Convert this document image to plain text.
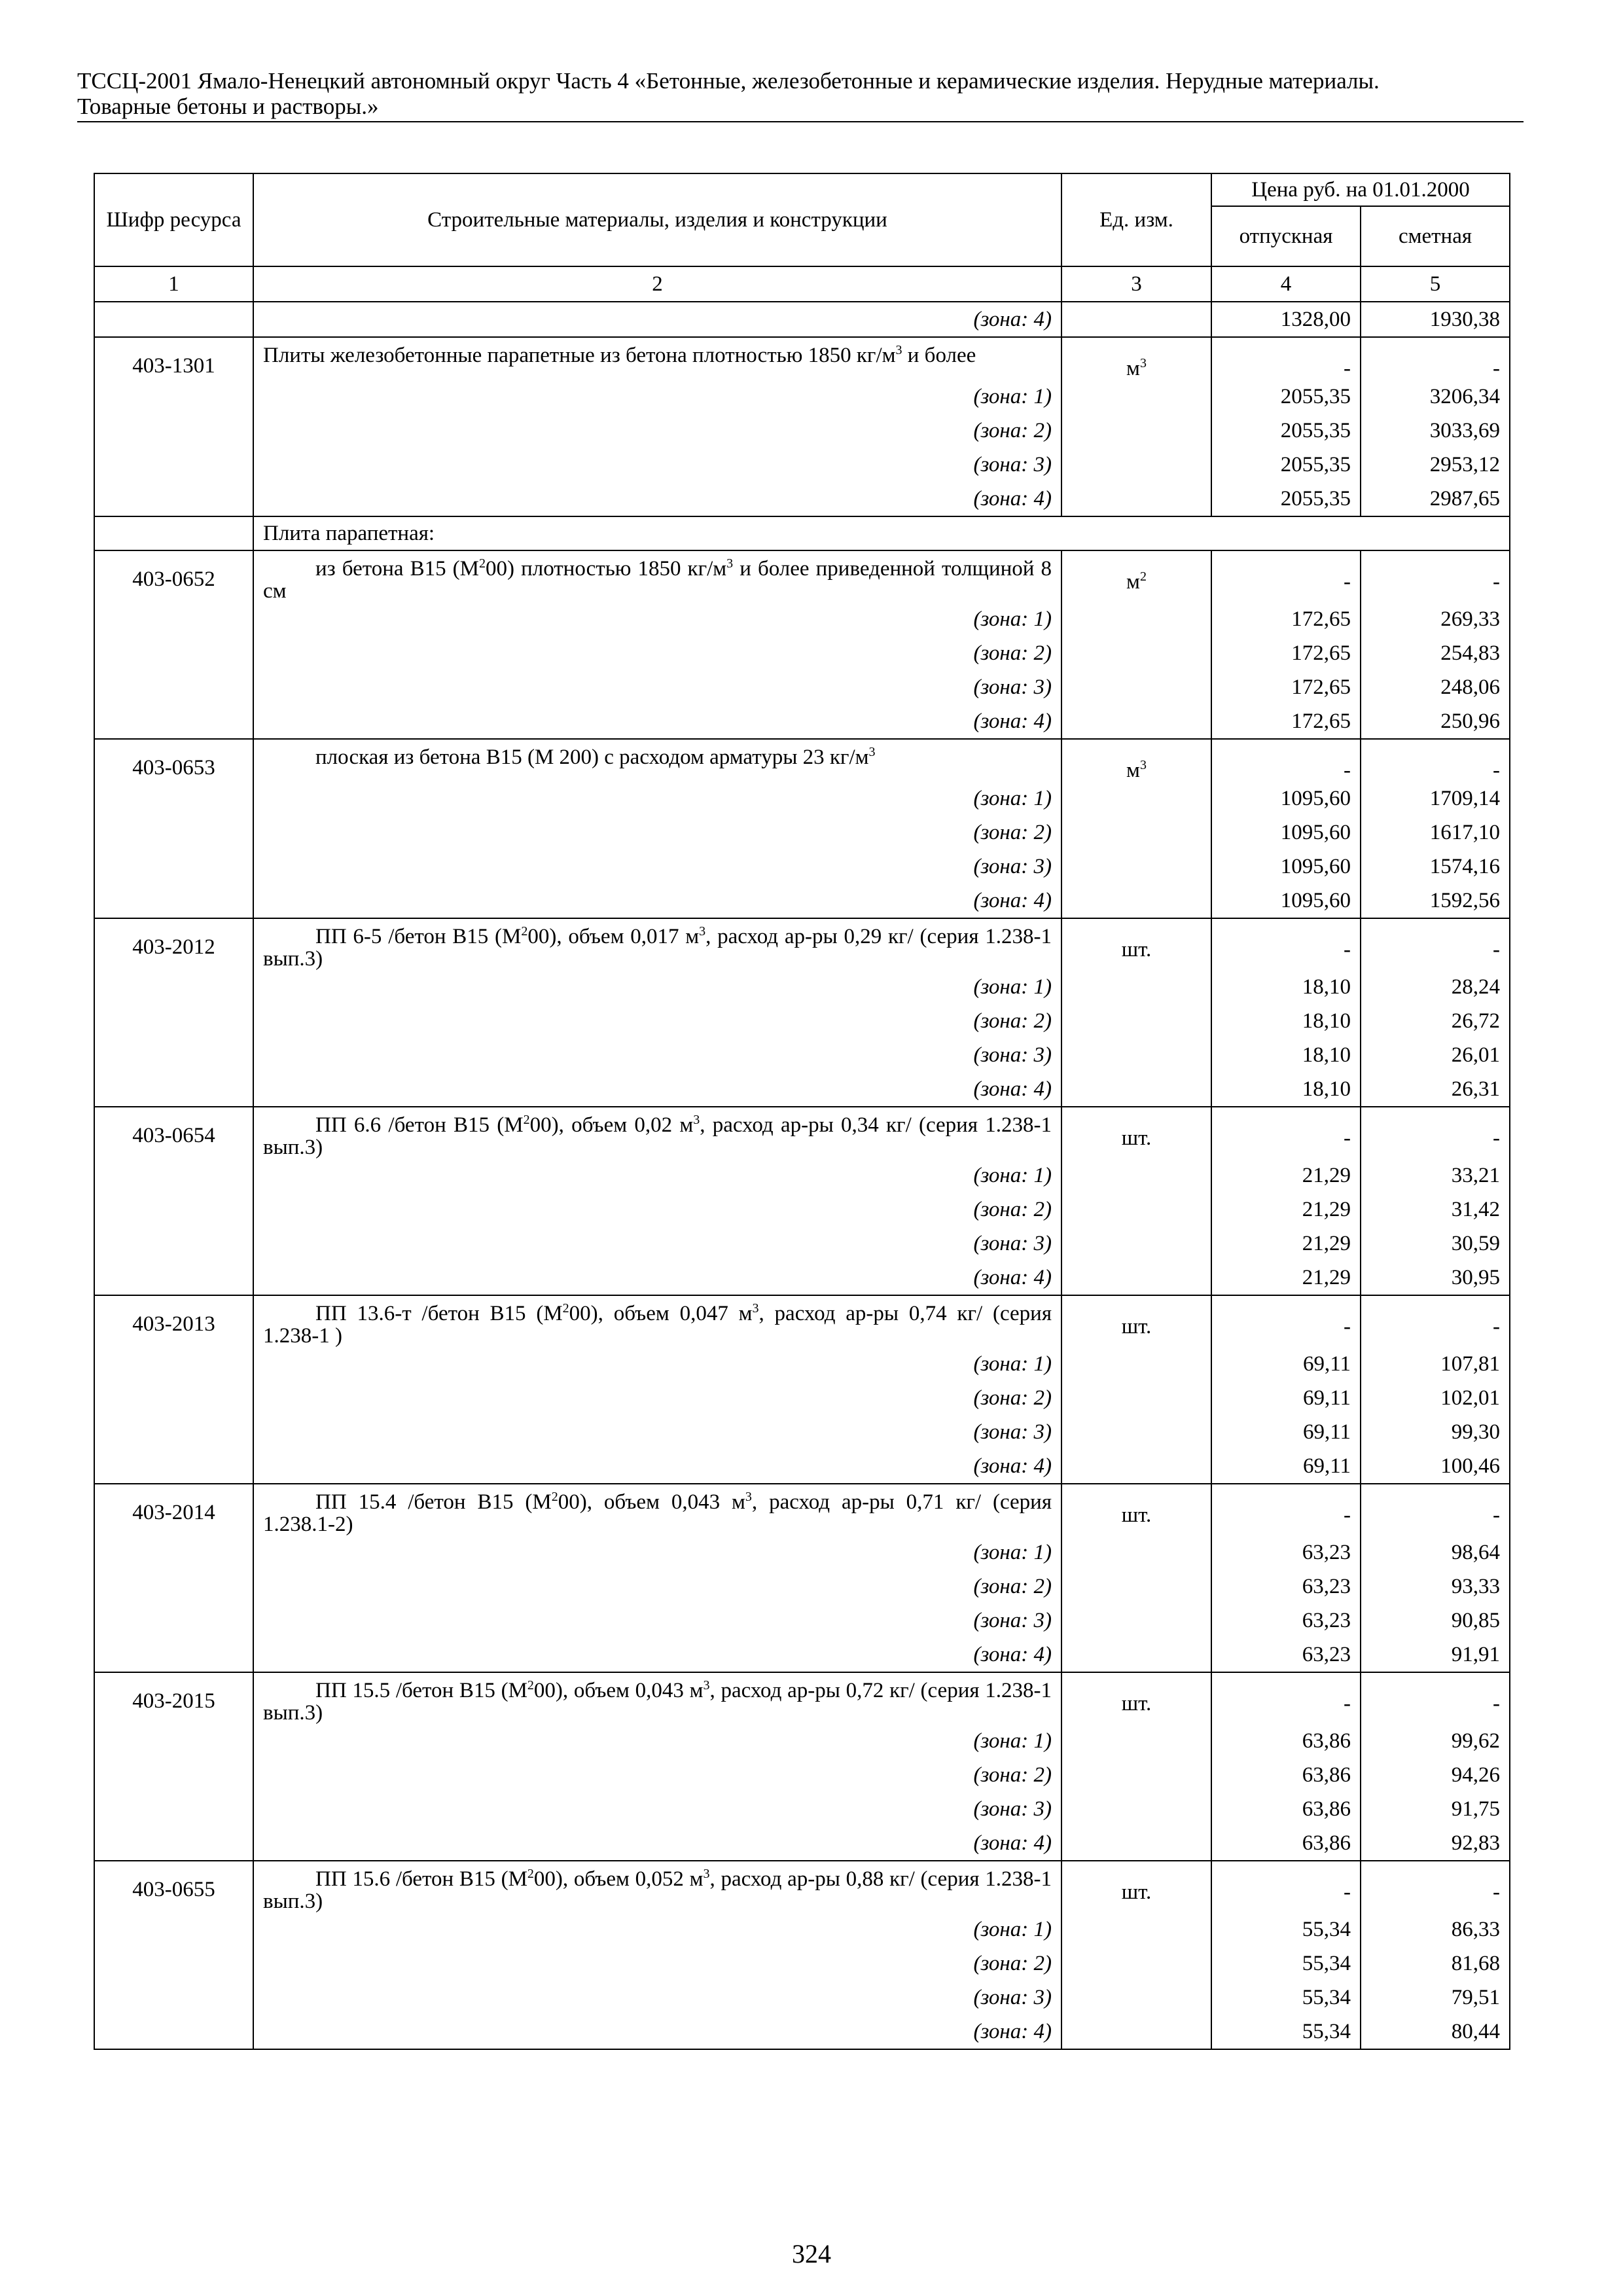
ТССЦ-2001 Ямало-Ненецкий автономный округ Часть 4 «Бетонные, железобетонные и керамические изделия. Нерудные материалы.
Товарные бетоны и растворы.»
Шифр ресурса	Строительные материалы, изделия и конструкции	Ед. изм.	Цена руб. на 01.01.2000	
			отпускная	сметная
1	2	3	4	5
	(зона: 4)		1328,00	1930,38
403-1301	Плиты железобетонные парапетные из бетона плотностью 1850 $кг/м^3$ и более	$м^3$	-	-
	(зона: 1)		2055,35	3206,34
	(зона: 2)		2055,35	3033,69
	(зона: 3)		2055,35	2953,12
	(зона: 4)		2055,35	2987,65
	Плита парапетная:			
403-0652	из бетона В15 $(М^200)$ плотностью 1850 $кг/м^3$ и более приведенной толщиной 8 см	$м^2$	-	-
	(зона: 1)		172,65	269,33
	(зона: 2)		172,65	254,83
	(зона: 3)		172,65	248,06
	(зона: 4)		172,65	250,96
403-0653	плоская из бетона В15 (М 200) с расходом арматуры 23 $кг/м^3$	$м^3$	-	-
	(зона: 1)		1095,60	1709,14
	(зона: 2)		1095,60	1617,10
	(зона: 3)		1095,60	1574,16
	(зона: 4)		1095,60	1592,56
403-2012	ПП 6-5 /бетон В15 $(М^200)$, объем 0,017 $м^3$, расход ар-ры 0,29 кг/ (серия 1.238-1 вып.3)	шт.	-	-
	(зона: 1)		18,10	28,24
	(зона: 2)		18,10	26,72
	(зона: 3)		18,10	26,01
	(зона: 4)		18,10	26,31
403-0654	ПП 6.6 /бетон В15 $(М^200)$, объем 0,02 $м^3$, расход ар-ры 0,34 кг/ (серия 1.238-1 вып.3)	шт.	-	-
	(зона: 1)		21,29	33,21
	(зона: 2)		21,29	31,42
	(зона: 3)		21,29	30,59
	(зона: 4)		21,29	30,95
403-2013	ПП 13.6-т /бетон В15 $(М^200)$, объем 0,047 $м^3$, расход ар-ры 0,74 кг/ (серия 1.238-1 )	шт.	-	-
	(зона: 1)		69,11	107,81
	(зона: 2)		69,11	102,01
	(зона: 3)		69,11	99,30
	(зона: 4)		69,11	100,46
403-2014	ПП 15.4 /бетон В15 $(М^200)$, объем 0,043 $м^3$, расход ар-ры 0,71 кг/ (серия 1.238.1-2)	шт.	-	-
	(зона: 1)		63,23	98,64
	(зона: 2)		63,23	93,33
	(зона: 3)		63,23	90,85
	(зона: 4)		63,23	91,91
403-2015	ПП 15.5 /бетон В15 $(М^200)$, объем 0,043 $м^3$, расход ар-ры 0,72 кг/ (серия 1.238-1 вып.3)	шт.	-	-
	(зона: 1)		63,86	99,62
	(зона: 2)		63,86	94,26
	(зона: 3)		63,86	91,75
	(зона: 4)		63,86	92,83
403-0655	ПП 15.6 /бетон В15 $(М^200)$, объем 0,052 $м^3$, расход ар-ры 0,88 кг/ (серия 1.238-1 вып.3)	шт.	-	-
	(зона: 1)		55,34	86,33
	(зона: 2)		55,34	81,68
	(зона: 3)		55,34	79,51
	(зона: 4)		55,34	80,44
324
